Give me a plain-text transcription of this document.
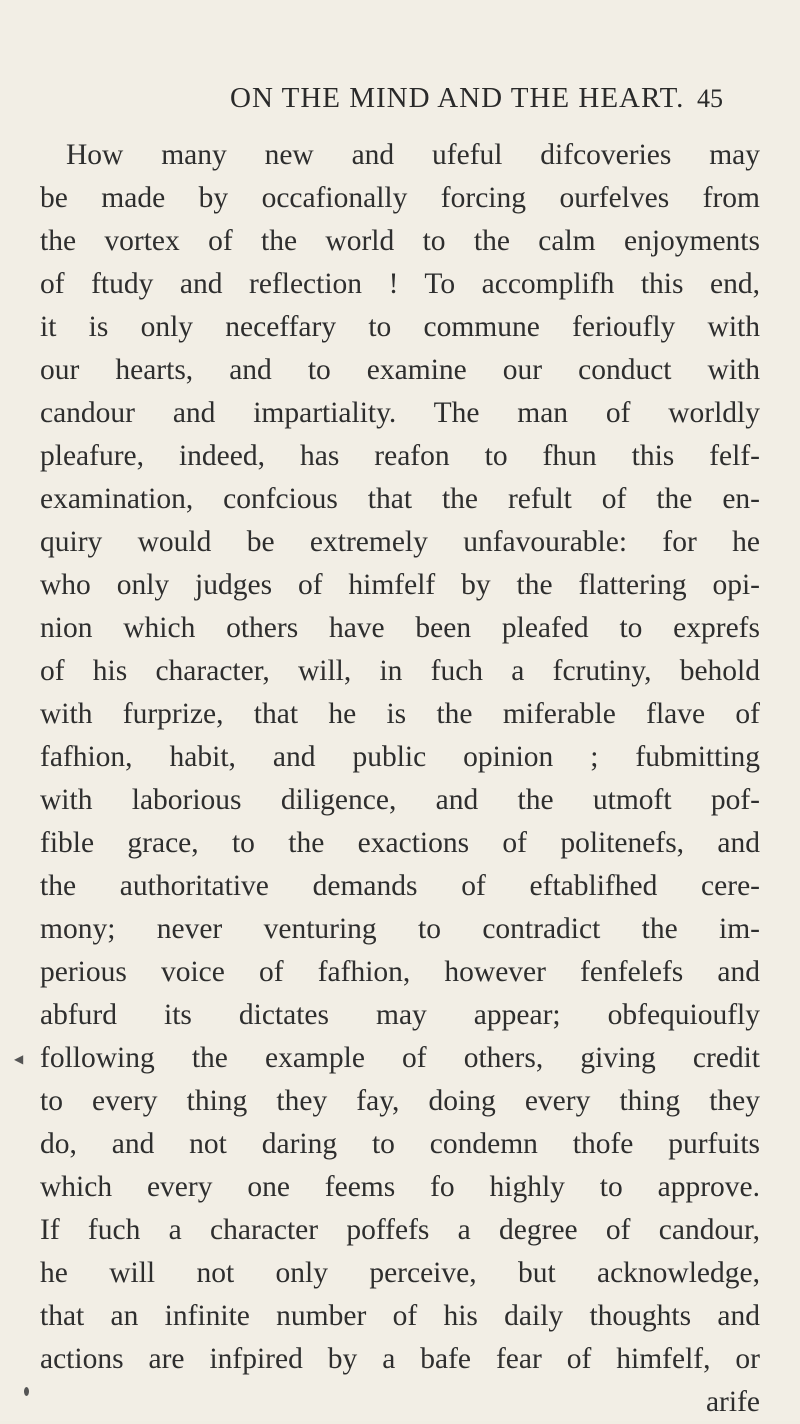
ON THE MIND AND THE HEART. 45
How many new and ufeful difcoveries may
be made by occafionally forcing ourfelves from
the vortex of the world to the calm enjoyments
of ftudy and reflection ! To accomplifh this end,
it is only neceffary to commune ferioufly with
our hearts, and to examine our conduct with
candour and impartiality. The man of worldly
pleafure, indeed, has reafon to fhun this felf-
examination, confcious that the refult of the en-
quiry would be extremely unfavourable: for he
who only judges of himfelf by the flattering opi-
nion which others have been pleafed to exprefs
of his character, will, in fuch a fcrutiny, behold
with furprize, that he is the miferable flave of
fafhion, habit, and public opinion ; fubmitting
with laborious diligence, and the utmoft pof-
fible grace, to the exactions of politenefs, and
the authoritative demands of eftablifhed cere-
mony; never venturing to contradict the im-
perious voice of fafhion, however fenfelefs and
abfurd its dictates may appear; obfequioufly
following the example of others, giving credit
to every thing they fay, doing every thing they
do, and not daring to condemn thofe purfuits
which every one feems fo highly to approve.
If fuch a character poffefs a degree of candour,
he will not only perceive, but acknowledge,
that an infinite number of his daily thoughts and
actions are infpired by a bafe fear of himfelf, or
arife
◀
